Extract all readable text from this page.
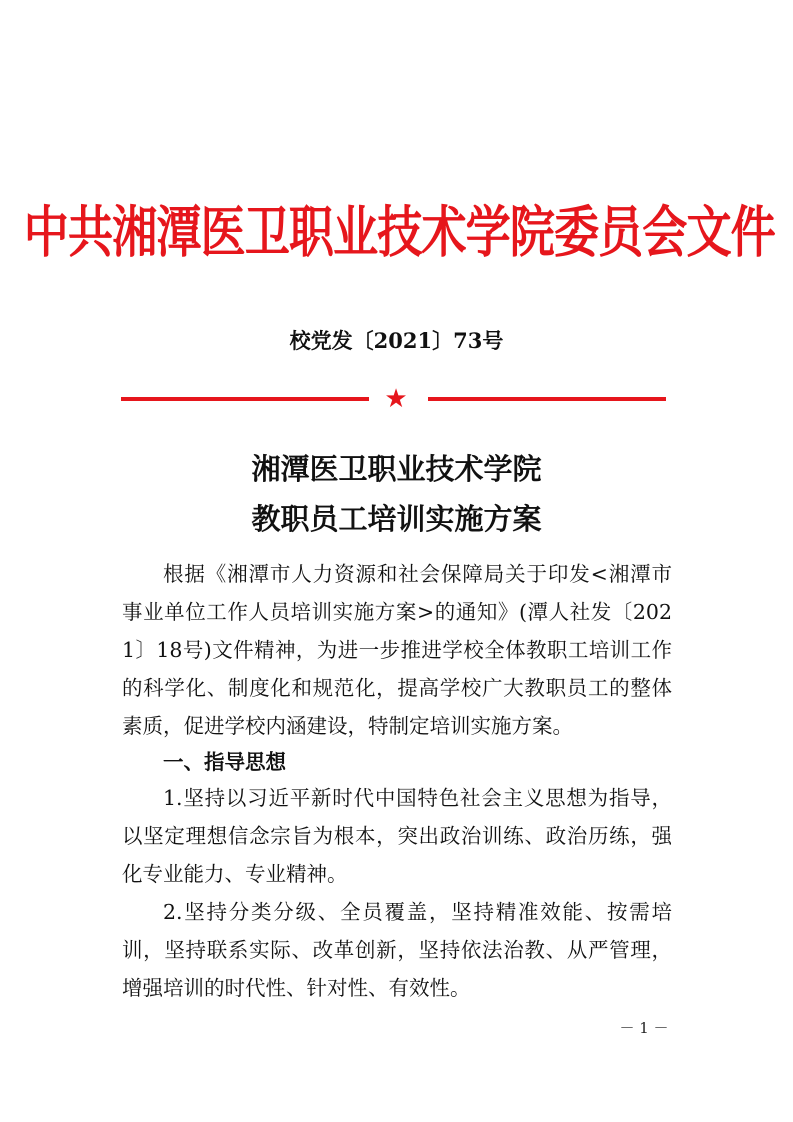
中共湘潭医卫职业技术学院委员会文件
校党发〔2021〕73号
★
湘潭医卫职业技术学院
教职员工培训实施方案

根据《湘潭市人力资源和社会保障局关于印发<湘潭市事业单位工作人员培训实施方案>的通知》(潭人社发〔2021〕18号)文件精神，为进一步推进学校全体教职工培训工作的科学化、制度化和规范化，提高学校广大教职员工的整体素质，促进学校内涵建设，特制定培训实施方案。

一、指导思想

1.坚持以习近平新时代中国特色社会主义思想为指导，以坚定理想信念宗旨为根本，突出政治训练、政治历练，强化专业能力、专业精神。

2.坚持分类分级、全员覆盖，坚持精准效能、按需培训，坚持联系实际、改革创新，坚持依法治教、从严管理，增强培训的时代性、针对性、有效性。

－ 1 －
